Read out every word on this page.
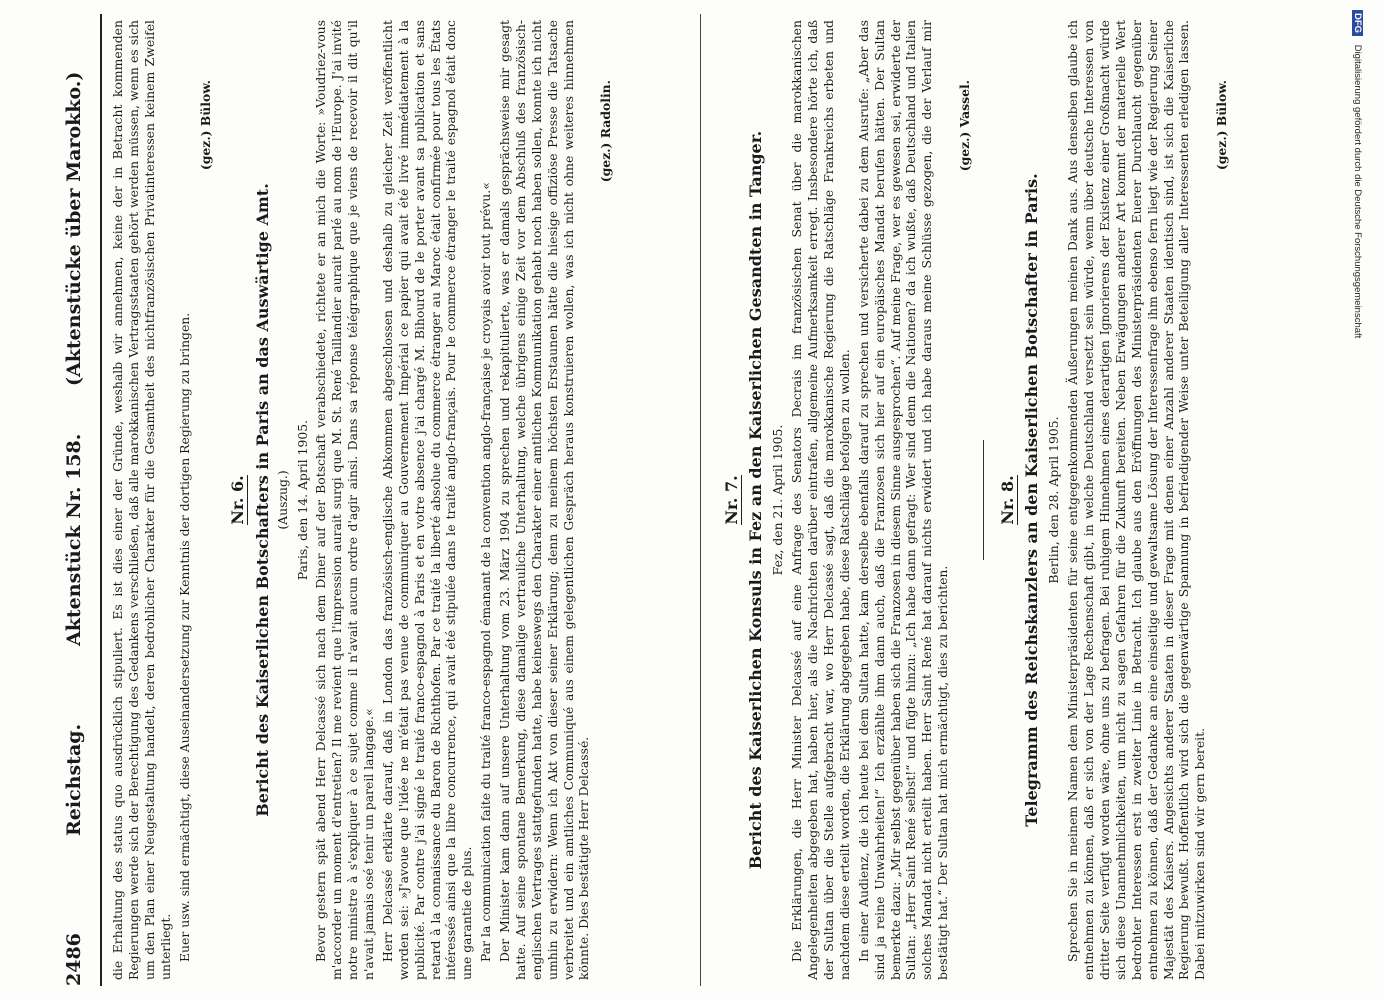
2486
Reichstag.
Aktenstück Nr. 158.
(Aktenstücke über Marokko.) die Erhaltung des status quo ausdrücklich stipuliert. Es ist dies einer der Gründe, weshalb wir annehmen, keine der in Betracht kommenden Regierungen werde sich der Berechtigung des Gedankens verschließen, daß alle marokkanischen Vertragsstaaten gehört werden müssen, wenn es sich um den Plan einer Neugestaltung handelt, deren bedrohlicher Charakter für die Gesamtheit des nichtfranzösischen Privatinteressen keinem Zweifel unterliegt. Euer usw. sind ermächtigt, diese Auseinandersetzung zur Kenntnis der dortigen Regierung zu bringen.

(gez.) Bülow.
Nr. 6. Bericht des Kaiserlichen Botschafters in Paris an das Auswärtige Amt. (Auszug.) Paris, den 14. April 1905. Bevor gestern spät abend Herr Delcassé sich nach dem Diner auf der Botschaft verabschiedete, richtete er an mich die Worte: »Voudriez-vous m'accorder un moment d'entretien? Il me revient que l'impression aurait surgi que M. St. René Taillandier aurait parlé au nom de l'Europe. J'ai invité notre ministre à s'expliquer à ce sujet comme il n'avait aucun ordre d'agir ainsi. Dans sa réponse télégraphique que je viens de recevoir il dit qu'il n'avait jamais osé tenir un pareil langage.« Herr Delcassé erklärte darauf, daß in London das französisch-englische Abkommen abgeschlossen und deshalb zu gleicher Zeit veröffentlicht worden sei: »J'avoue que l'idée ne m'était pas venue de communiquer au Gouvernement Impérial ce papier qui avait été livré immédiatement à la publicité. Par contre j'ai signé le traité franco-espagnol à Paris et en votre absence j'ai chargé M. Bihourd de le porter avant sa publication et sans retard à la connaissance du Baron de Richthofen. Par ce traité la liberté absolue du commerce étranger au Maroc était confirmée pour tous les États intéressés ainsi que la libre concurrence, qui avait été stipulée dans le traité anglo-français. Pour le commerce étranger le traité espagnol était donc une garantie de plus. Par la communication faite du traité franco-espagnol émanant de la convention anglo-française je croyais avoir tout prévu.« Der Minister kam dann auf unsere Unterhaltung vom 23. März 1904 zu sprechen und rekapitulierte, was er damals gesprächsweise mir gesagt hatte. Auf seine spontane Bemerkung, diese damalige vertrauliche Unterhaltung, welche übrigens einige Zeit vor dem Abschluß des französisch-englischen Vertrages stattgefunden hatte, habe keineswegs den Charakter einer amtlichen Kommunikation gehabt noch haben sollen, konnte ich nicht umhin zu erwidern: Wenn ich Akt von dieser seiner Erklärung; denn zu meinem höchsten Erstaunen hätte die hiesige offiziöse Presse die Tatsache verbreitet und ein amtliches Communiqué aus einem gelegentlichen Gespräch heraus konstruieren wollen, was ich nicht ohne weiteres hinnehmen könnte. Dies bestätigte Herr Delcassé.

(gez.) Radolin.
Nr. 7. Bericht des Kaiserlichen Konsuls in Fez an den Kaiserlichen Gesandten in Tanger. Fez, den 21. April 1905. Die Erklärungen, die Herr Minister Delcassé auf eine Anfrage des Senators Decrais im französischen Senat über die marokkanischen Angelegenheiten abgegeben hat, haben hier, als die Nachrichten darüber eintrafen, allgemeine Aufmerksamkeit erregt. Insbesondere hörte ich, daß der Sultan über die Stelle aufgebracht war, wo Herr Delcassé sagt, daß die marokkanische Regierung die Ratschläge Frankreichs erbeten und nachdem diese erteilt worden, die Erklärung abgegeben habe, diese Ratschläge befolgen zu wollen. In einer Audienz, die ich heute bei dem Sultan hatte, kam derselbe ebenfalls darauf zu sprechen und versicherte dabei zu dem Ausrufe: „Aber das sind ja reine Unwahrheiten!“ Ich erzählte ihm dann auch, daß die Franzosen sich hier auf ein europäisches Mandat berufen hätten. Der Sultan bemerkte dazu: „Mir selbst gegenüber haben sich die Franzosen in diesem Sinne ausgesprochen“. Auf meine Frage, wer es gewesen sei, erwiderte der Sultan: „Herr Saint René selbst!“ und fügte hinzu: „Ich habe dann gefragt: Wer sind denn die Nationen? da ich wußte, daß Deutschland und Italien solches Mandat nicht erteilt haben. Herr Saint René hat darauf nichts erwidert und ich habe daraus meine Schlüsse gezogen, die der Verlauf mir bestätigt hat.“ Der Sultan hat mich ermächtigt, dies zu berichten.

(gez.) Vassel.
Nr. 8. Telegramm des Reichskanzlers an den Kaiserlichen Botschafter in Paris. Berlin, den 28. April 1905. Sprechen Sie in meinem Namen dem Ministerpräsidenten für seine entgegenkommenden Äußerungen meinen Dank aus. Aus denselben glaube ich entnehmen zu können, daß er sich von der Lage Rechenschaft gibt, in welche Deutschland versetzt sein würde, wenn über deutsche Interessen von dritter Seite verfügt worden wäre, ohne uns zu befragen. Bei ruhigem Hinnehmen eines derartigen Ignorierens der Existenz einer Großmacht würde sich diese Unannehmlichkeiten, um nicht zu sagen Gefahren für die Zukunft bereiten. Neben Erwägungen anderer Art kommt der materielle Wert bedrohter Interessen erst in zweiter Linie in Betracht. Ich glaube aus den Eröffnungen des Ministerpräsidenten Euerer Durchlaucht gegenüber entnehmen zu können, daß der Gedanke an eine einseitige und gewaltsame Lösung der Interessenfrage ihm ebenso fern liegt wie der Regierung Seiner Majestät des Kaisers. Angesichts anderer Staaten in dieser Frage mit denen einer Anzahl anderer Staaten identisch sind, ist sich die Kaiserliche Regierung bewußt. Hoffentlich wird sich die gegenwärtige Spannung in befriedigender Weise unter Beteiligung aller Interessenten erledigen lassen. Dabei mitzuwirken sind wir gern bereit.

(gez.) Bülow.
DFG Digitalisierung gefördert durch die Deutsche Forschungsgemeinschaft
